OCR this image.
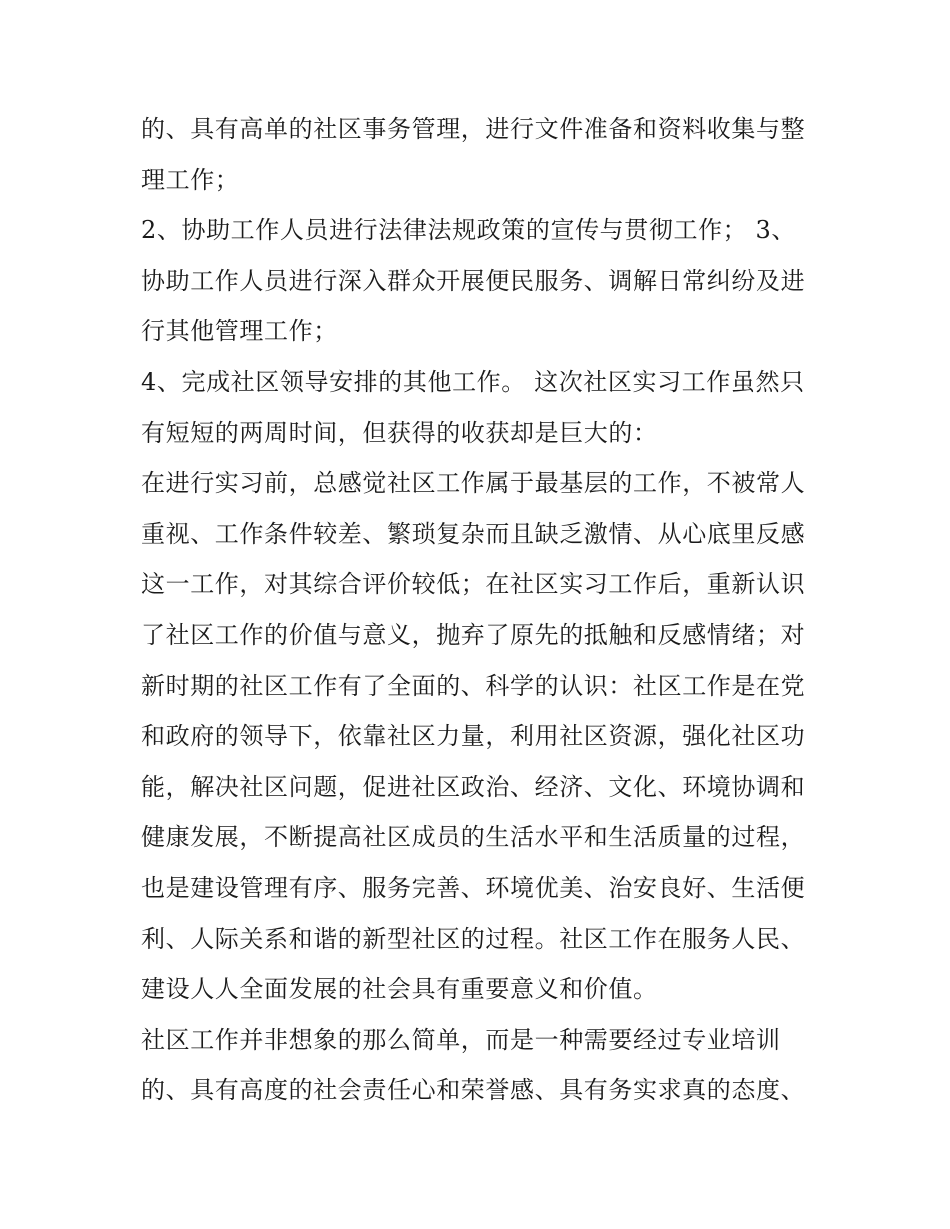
的、具有高单的社区事务管理，进行文件准备和资料收集与整
理工作；
2、协助工作人员进行法律法规政策的宣传与贯彻工作； 3、
协助工作人员进行深入群众开展便民服务、调解日常纠纷及进
行其他管理工作；
4、完成社区领导安排的其他工作。 这次社区实习工作虽然只
有短短的两周时间，但获得的收获却是巨大的：
在进行实习前，总感觉社区工作属于最基层的工作，不被常人
重视、工作条件较差、繁琐复杂而且缺乏激情、从心底里反感
这一工作，对其综合评价较低；在社区实习工作后，重新认识
了社区工作的价值与意义，抛弃了原先的抵触和反感情绪；对
新时期的社区工作有了全面的、科学的认识：社区工作是在党
和政府的领导下，依靠社区力量，利用社区资源，强化社区功
能，解决社区问题，促进社区政治、经济、文化、环境协调和
健康发展，不断提高社区成员的生活水平和生活质量的过程，
也是建设管理有序、服务完善、环境优美、治安良好、生活便
利、人际关系和谐的新型社区的过程。社区工作在服务人民、
建设人人全面发展的社会具有重要意义和价值。
社区工作并非想象的那么简单，而是一种需要经过专业培训
的、具有高度的社会责任心和荣誉感、具有务实求真的态度、
